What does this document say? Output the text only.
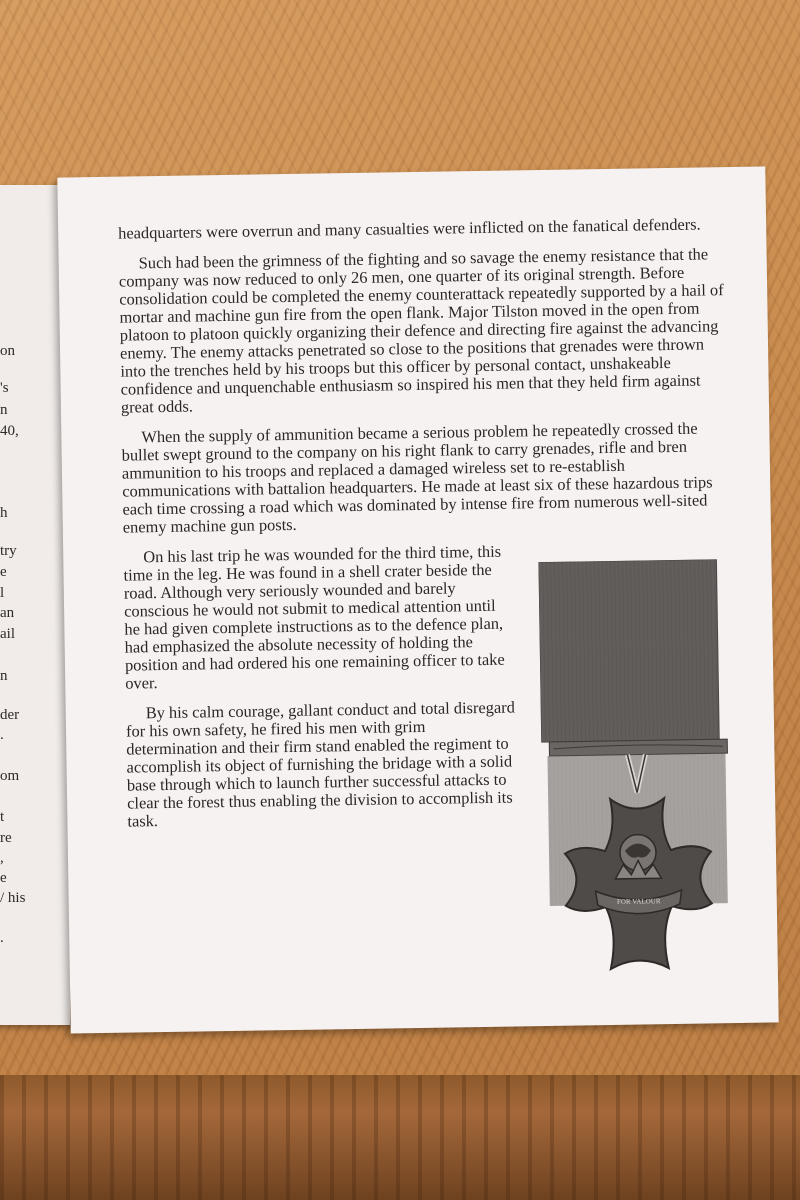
on
's
n
40,
h
try
e
l
an
ail
n
der
.
om
t
re
,
e
/ his
.

headquarters were overrun and many casualties were inflicted on the fanatical defenders.

Such had been the grimness of the fighting and so savage the enemy resistance that the company was now reduced to only 26 men, one quarter of its original strength. Before consolidation could be completed the enemy counterattack repeatedly supported by a hail of mortar and machine gun fire from the open flank. Major Tilston moved in the open from platoon to platoon quickly organizing their defence and directing fire against the advancing enemy. The enemy attacks penetrated so close to the positions that grenades were thrown into the trenches held by his troops but this officer by personal contact, unshakeable confidence and unquenchable enthusiasm so inspired his men that they held firm against great odds.

When the supply of ammunition became a serious problem he repeatedly crossed the bullet swept ground to the company on his right flank to carry grenades, rifle and bren ammunition to his troops and replaced a damaged wireless set to re-establish communications with battalion headquarters. He made at least six of these hazardous trips each time crossing a road which was dominated by intense fire from numerous well-sited enemy machine gun posts.

On his last trip he was wounded for the third time, this time in the leg. He was found in a shell crater beside the road. Although very seriously wounded and barely conscious he would not submit to medical attention until he had given complete instructions as to the defence plan, had emphasized the absolute necessity of holding the position and had ordered his one remaining officer to take over.

By his calm courage, gallant conduct and total disregard for his own safety, he fired his men with grim determination and their firm stand enabled the regiment to accomplish its object of furnishing the bridage with a solid base through which to launch further successful attacks to clear the forest thus enabling the division to accomplish its task.

FOR VALOUR
